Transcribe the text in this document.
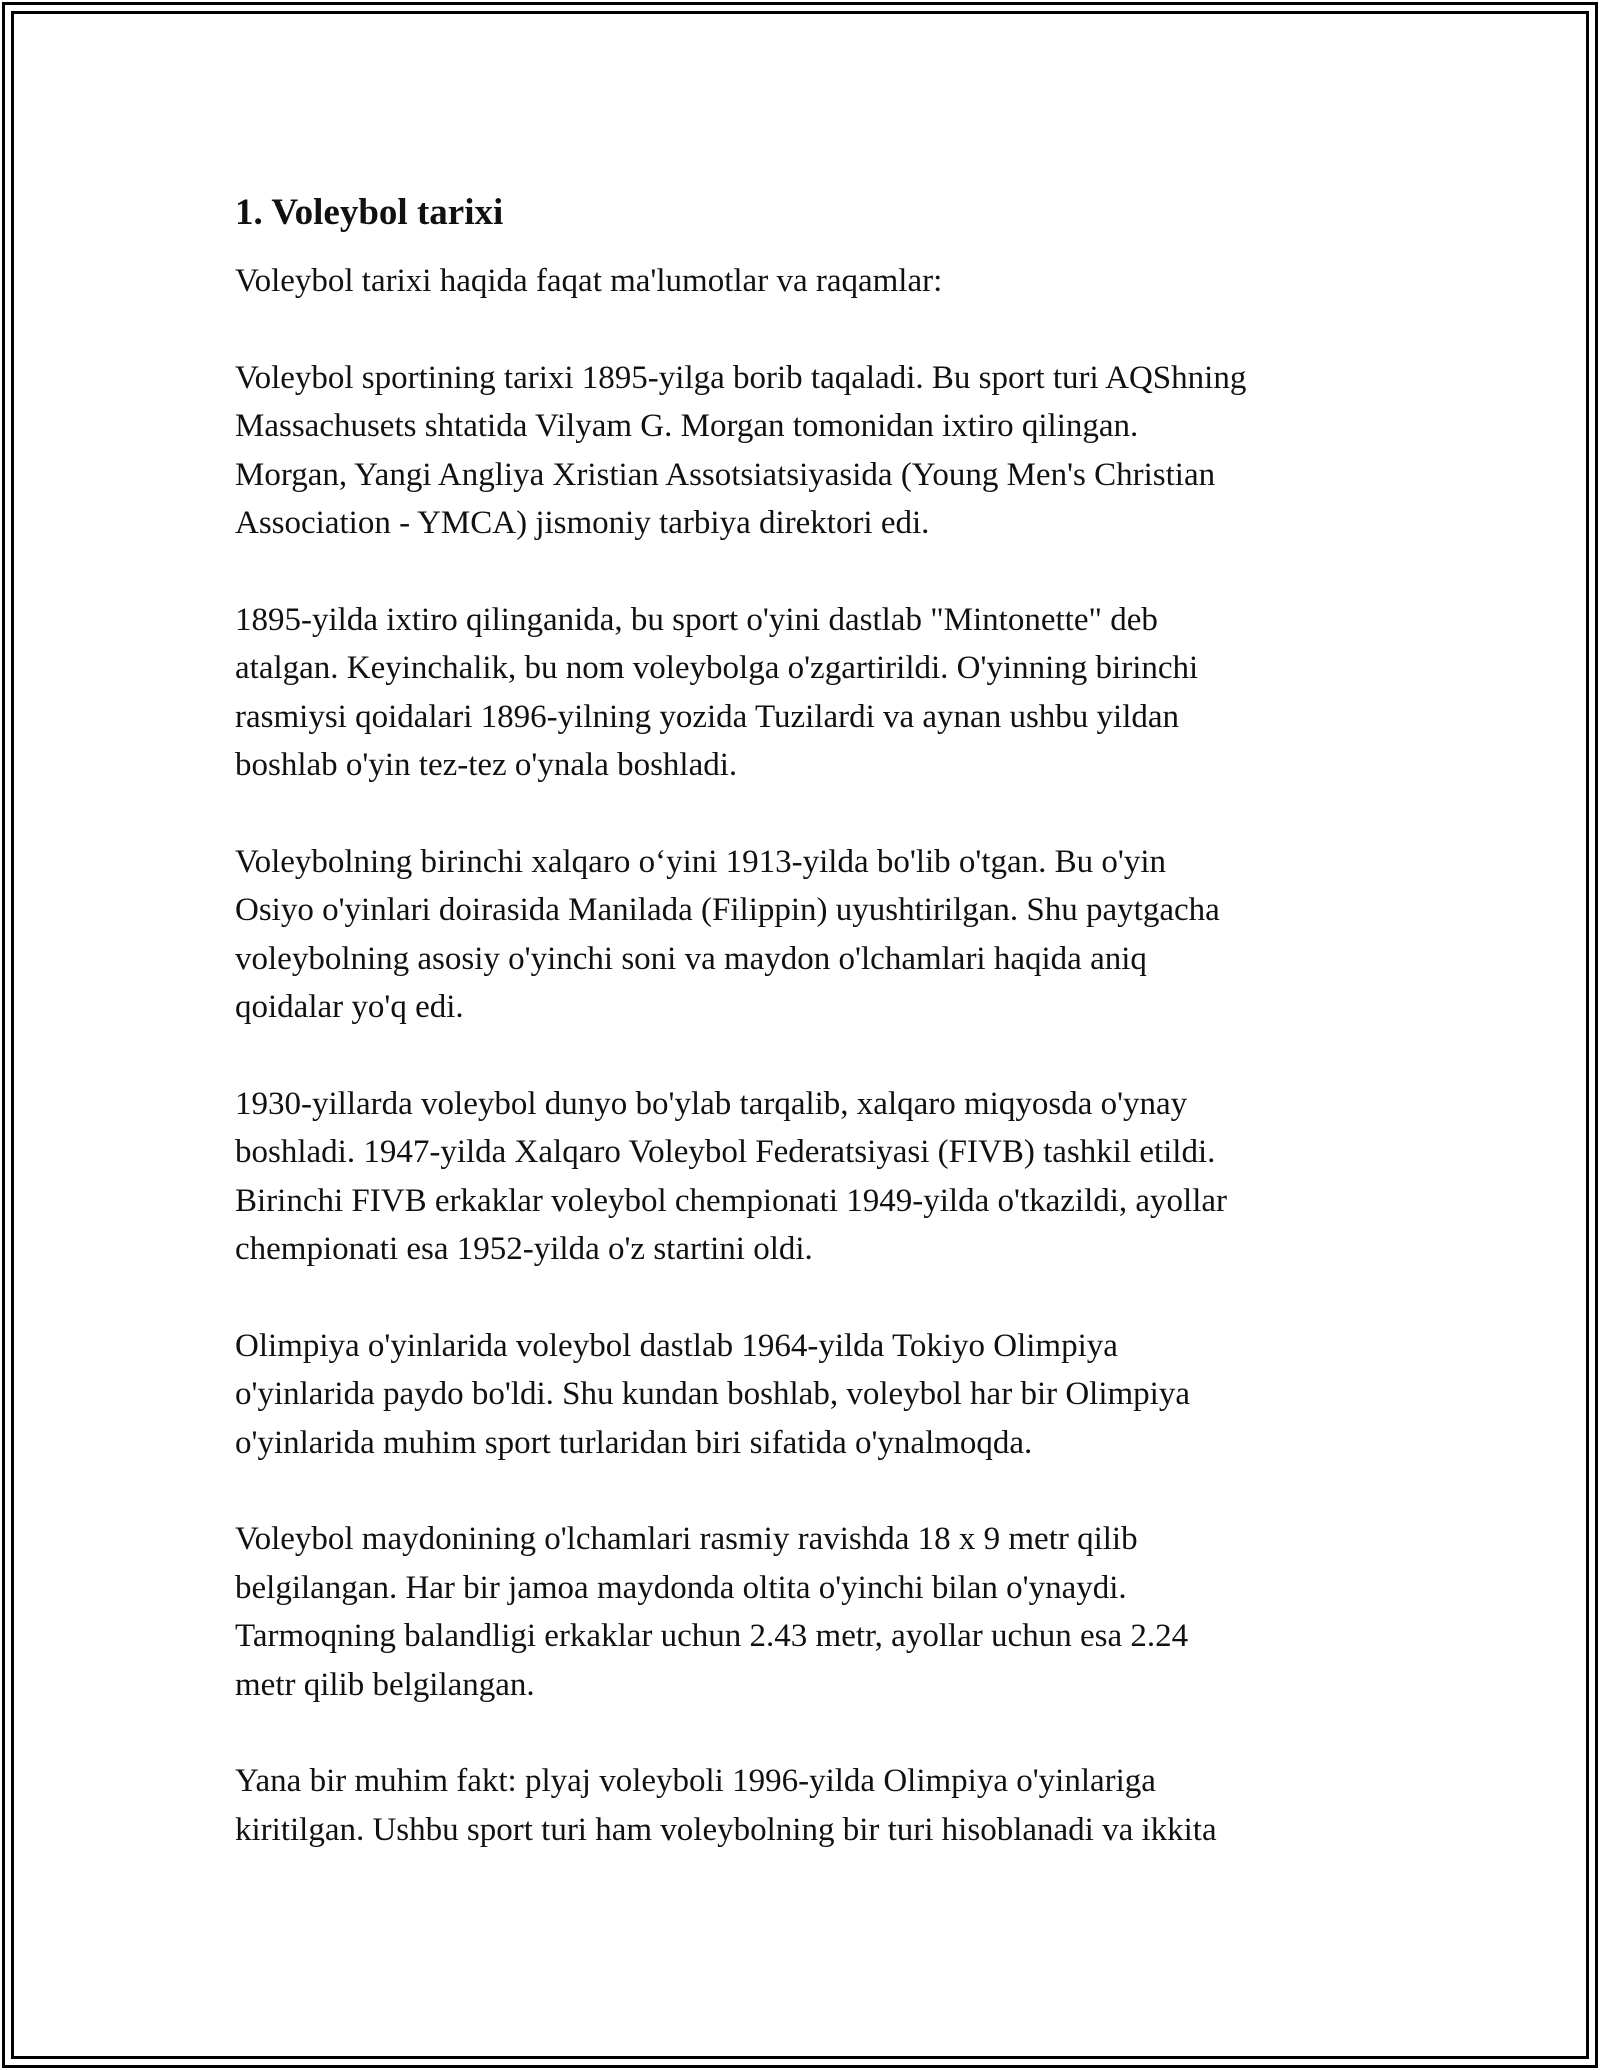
1. Voleybol tarixi

Voleybol tarixi haqida faqat ma'lumotlar va raqamlar:

Voleybol sportining tarixi 1895-yilga borib taqaladi. Bu sport turi AQShning
Massachusets shtatida Vilyam G. Morgan tomonidan ixtiro qilingan.
Morgan, Yangi Angliya Xristian Assotsiatsiyasida (Young Men's Christian
Association - YMCA) jismoniy tarbiya direktori edi.

1895-yilda ixtiro qilinganida, bu sport o'yini dastlab "Mintonette" deb
atalgan. Keyinchalik, bu nom voleybolga o'zgartirildi. O'yinning birinchi
rasmiysi qoidalari 1896-yilning yozida Tuzilardi va aynan ushbu yildan
boshlab o'yin tez-tez o'ynala boshladi.

Voleybolning birinchi xalqaro o‘yini 1913-yilda bo'lib o'tgan. Bu o'yin
Osiyo o'yinlari doirasida Manilada (Filippin) uyushtirilgan. Shu paytgacha
voleybolning asosiy o'yinchi soni va maydon o'lchamlari haqida aniq
qoidalar yo'q edi.

1930-yillarda voleybol dunyo bo'ylab tarqalib, xalqaro miqyosda o'ynay
boshladi. 1947-yilda Xalqaro Voleybol Federatsiyasi (FIVB) tashkil etildi.
Birinchi FIVB erkaklar voleybol chempionati 1949-yilda o'tkazildi, ayollar
chempionati esa 1952-yilda o'z startini oldi.

Olimpiya o'yinlarida voleybol dastlab 1964-yilda Tokiyo Olimpiya
o'yinlarida paydo bo'ldi. Shu kundan boshlab, voleybol har bir Olimpiya
o'yinlarida muhim sport turlaridan biri sifatida o'ynalmoqda.

Voleybol maydonining o'lchamlari rasmiy ravishda 18 x 9 metr qilib
belgilangan. Har bir jamoa maydonda oltita o'yinchi bilan o'ynaydi.
Tarmoqning balandligi erkaklar uchun 2.43 metr, ayollar uchun esa 2.24
metr qilib belgilangan.

Yana bir muhim fakt: plyaj voleyboli 1996-yilda Olimpiya o'yinlariga
kiritilgan. Ushbu sport turi ham voleybolning bir turi hisoblanadi va ikkita
